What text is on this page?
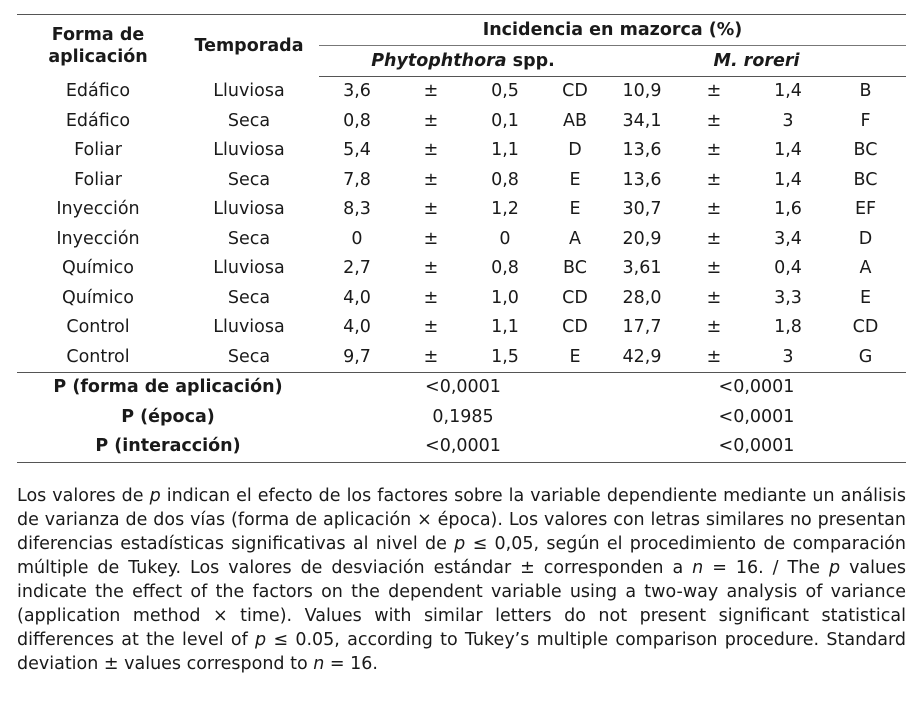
Forma de
aplicación	Temporada	Incidencia en mazorca (%)							
		Phytophthora spp.				M. roreri			
Edáfico	Lluviosa	3,6	±	0,5	CD	10,9	±	1,4	B
Edáfico	Seca	0,8	±	0,1	AB	34,1	±	3	F
Foliar	Lluviosa	5,4	±	1,1	D	13,6	±	1,4	BC
Foliar	Seca	7,8	±	0,8	E	13,6	±	1,4	BC
Inyección	Lluviosa	8,3	±	1,2	E	30,7	±	1,6	EF
Inyección	Seca	0	±	0	A	20,9	±	3,4	D
Químico	Lluviosa	2,7	±	0,8	BC	3,61	±	0,4	A
Químico	Seca	4,0	±	1,0	CD	28,0	±	3,3	E
Control	Lluviosa	4,0	±	1,1	CD	17,7	±	1,8	CD
Control	Seca	9,7	±	1,5	E	42,9	±	3	G
P (forma de aplicación)		<0,0001				<0,0001			
P (época)		0,1985				<0,0001			
P (interacción)		<0,0001				<0,0001			
Los valores de p indican el efecto de los factores sobre la variable dependiente mediante un análisis de varianza de dos vías (forma de aplicación × época). Los valores con letras similares no presentan diferencias estadísticas significativas al nivel de p ≤ 0,05, según el procedimiento de comparación múltiple de Tukey. Los valores de desviación estándar ± corresponden a n = 16. / The p values indicate the effect of the factors on the dependent variable using a two-way analysis of variance (application method × time). Values with similar letters do not present significant statistical differences at the level of p ≤ 0.05, according to Tukey’s multiple comparison procedure. Standard deviation ± values correspond to n = 16.
